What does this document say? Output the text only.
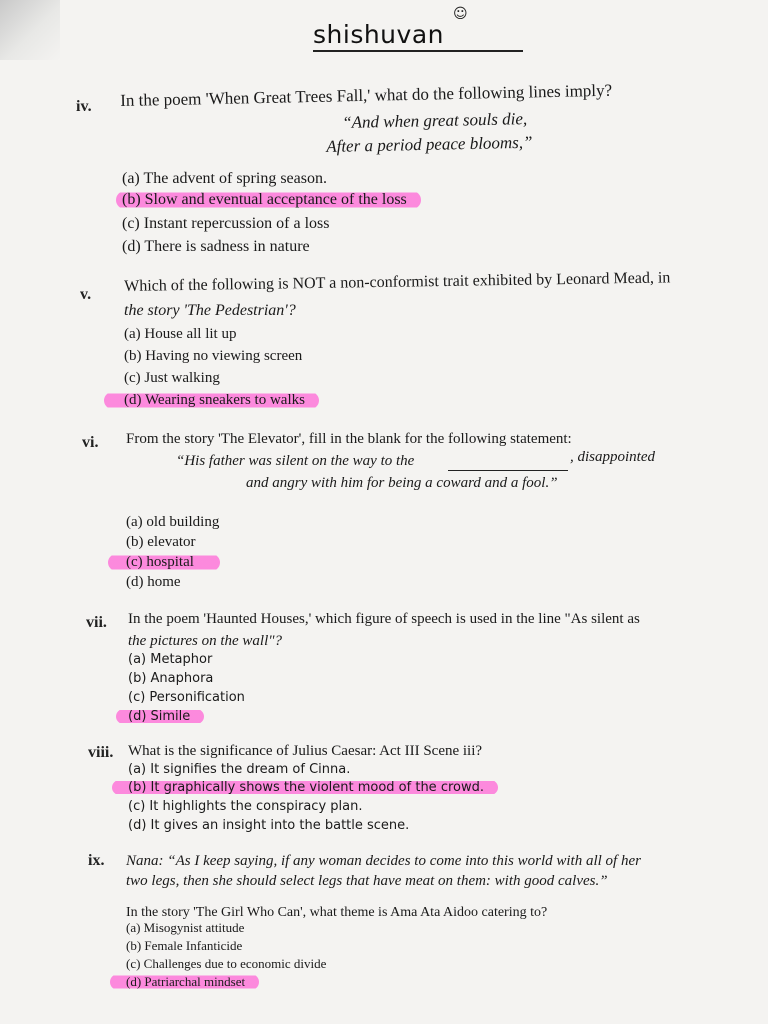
☺
shishuvan
iv. In the poem 'When Great Trees Fall,' what do the following lines imply?
“And when great souls die,
After a period peace blooms,”
(a) The advent of spring season.
(b) Slow and eventual acceptance of the loss
(c) Instant repercussion of a loss
(d) There is sadness in nature
v. Which of the following is NOT a non-conformist trait exhibited by Leonard Mead, in
the story 'The Pedestrian'?
(a) House all lit up
(b) Having no viewing screen
(c) Just walking
(d) Wearing sneakers to walks
vi. From the story 'The Elevator', fill in the blank for the following statement:
“His father was silent on the way to the	, disappointed
and angry with him for being a coward and a fool.”
(a) old building
(b) elevator
(c) hospital
(d) home
vii. In the poem 'Haunted Houses,' which figure of speech is used in the line "As silent as
the pictures on the wall"?
(a) Metaphor
(b) Anaphora
(c) Personification
(d) Simile
viii. What is the significance of Julius Caesar: Act III Scene iii?
(a) It signifies the dream of Cinna.
(b) It graphically shows the violent mood of the crowd.
(c) It highlights the conspiracy plan.
(d) It gives an insight into the battle scene.
ix. Nana: “As I keep saying, if any woman decides to come into this world with all of her
two legs, then she should select legs that have meat on them: with good calves.”
In the story 'The Girl Who Can', what theme is Ama Ata Aidoo catering to?
(a) Misogynist attitude
(b) Female Infanticide
(c) Challenges due to economic divide
(d) Patriarchal mindset
